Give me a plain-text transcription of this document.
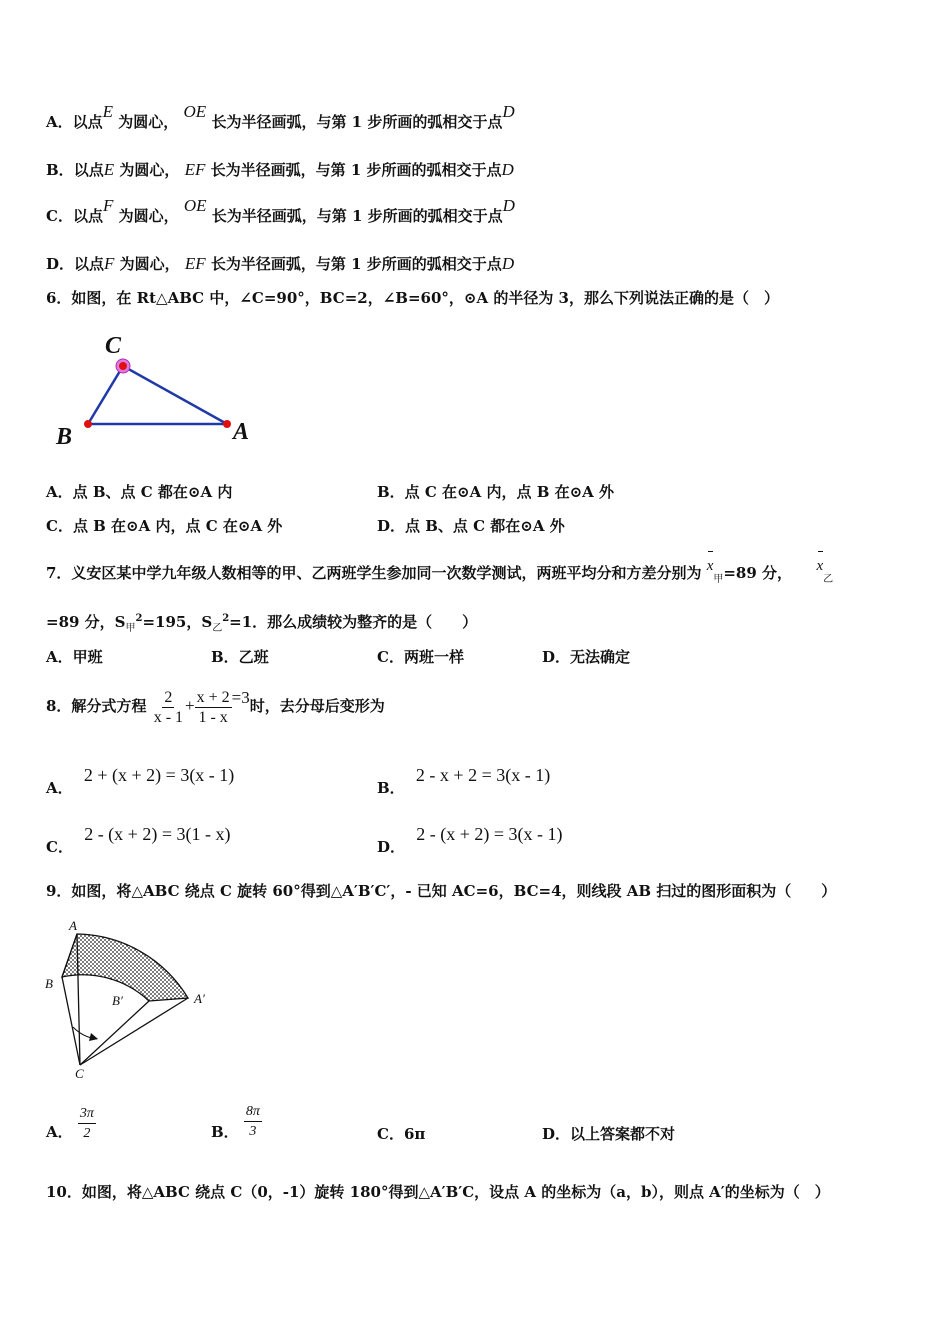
A．以点E 为圆心， OE 长为半径画弧，与第 1 步所画的弧相交于点D
B．以点E 为圆心， EF 长为半径画弧，与第 1 步所画的弧相交于点D
C．以点F 为圆心， OE 长为半径画弧，与第 1 步所画的弧相交于点D
D．以点F 为圆心， EF 长为半径画弧，与第 1 步所画的弧相交于点D
6．如图，在 Rt△ABC 中，∠C=90°，BC=2，∠B=60°，⊙A 的半径为 3，那么下列说法正确的是（　）
C
B	A
A．点 B、点 C 都在⊙A 内	B．点 C 在⊙A 内，点 B 在⊙A 外
C．点 B 在⊙A 内，点 C 在⊙A 外	D．点 B、点 C 都在⊙A 外
7．义安区某中学九年级人数相等的甲、乙两班学生参加同一次数学测试，两班平均分和方差分别为 $x_甲=89$ 分， $x_乙$
=89 分，$S_甲^2=195$，$S_乙^2=1$．那么成绩较为整齐的是（　　）
A．甲班	B．乙班	C．两班一样	D．无法确定
8．解分式方程 $\frac{2}{x - 1} + \frac{x + 2}{1 - x} =3$时，去分母后变形为
A． 2 + (x + 2) = 3(x - 1)
B． 2 - x + 2 = 3(x - 1)
C． 2 - (x + 2) = 3(1 - x)
D． 2 - (x + 2) = 3(x - 1)
9．如图，将△ABC 绕点 C 旋转 60°得到△A′B′C′，- 已知 AC=6，BC=4，则线段 AB 扫过的图形面积为（　　）
A
B
B′	A′
C
A． $\frac{3\pi}{2}$	B． $\frac{8\pi}{3}$	C．6π	D．以上答案都不对
10．如图，将△ABC 绕点 C（0，-1）旋转 180°得到△A′B′C，设点 A 的坐标为（a，b），则点 A′的坐标为（　）
